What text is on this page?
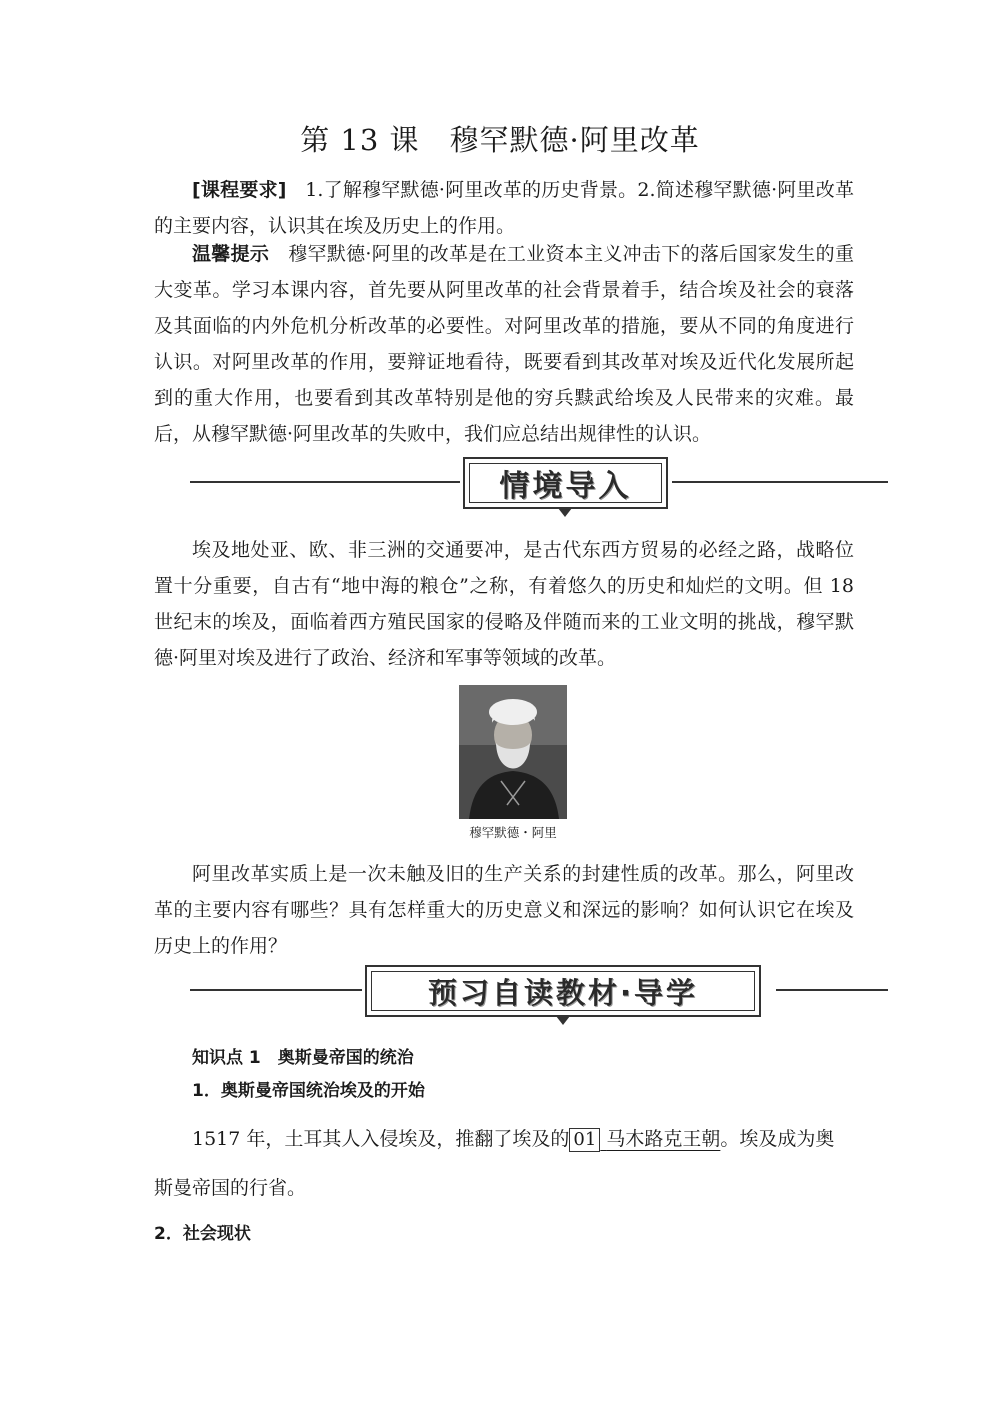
第 13 课　穆罕默德·阿里改革

[课程要求] 1.了解穆罕默德·阿里改革的历史背景。2.简述穆罕默德·阿里改革的主要内容，认识其在埃及历史上的作用。

温馨提示 穆罕默德·阿里的改革是在工业资本主义冲击下的落后国家发生的重大变革。学习本课内容，首先要从阿里改革的社会背景着手，结合埃及社会的衰落及其面临的内外危机分析改革的必要性。对阿里改革的措施，要从不同的角度进行认识。对阿里改革的作用，要辩证地看待，既要看到其改革对埃及近代化发展所起到的重大作用，也要看到其改革特别是他的穷兵黩武给埃及人民带来的灾难。最后，从穆罕默德·阿里改革的失败中，我们应总结出规律性的认识。

情境导入

埃及地处亚、欧、非三洲的交通要冲，是古代东西方贸易的必经之路，战略位置十分重要，自古有“地中海的粮仓”之称，有着悠久的历史和灿烂的文明。但 18 世纪末的埃及，面临着西方殖民国家的侵略及伴随而来的工业文明的挑战，穆罕默德·阿里对埃及进行了政治、经济和军事等领域的改革。

穆罕默德・阿里

阿里改革实质上是一次未触及旧的生产关系的封建性质的改革。那么，阿里改革的主要内容有哪些？具有怎样重大的历史意义和深远的影响？如何认识它在埃及历史上的作用？

预习自读教材·导学
知识点 1　奥斯曼帝国的统治
1．奥斯曼帝国统治埃及的开始
1517 年，土耳其人入侵埃及，推翻了埃及的 01 马木路克王朝。埃及成为奥
斯曼帝国的行省。
2．社会现状
